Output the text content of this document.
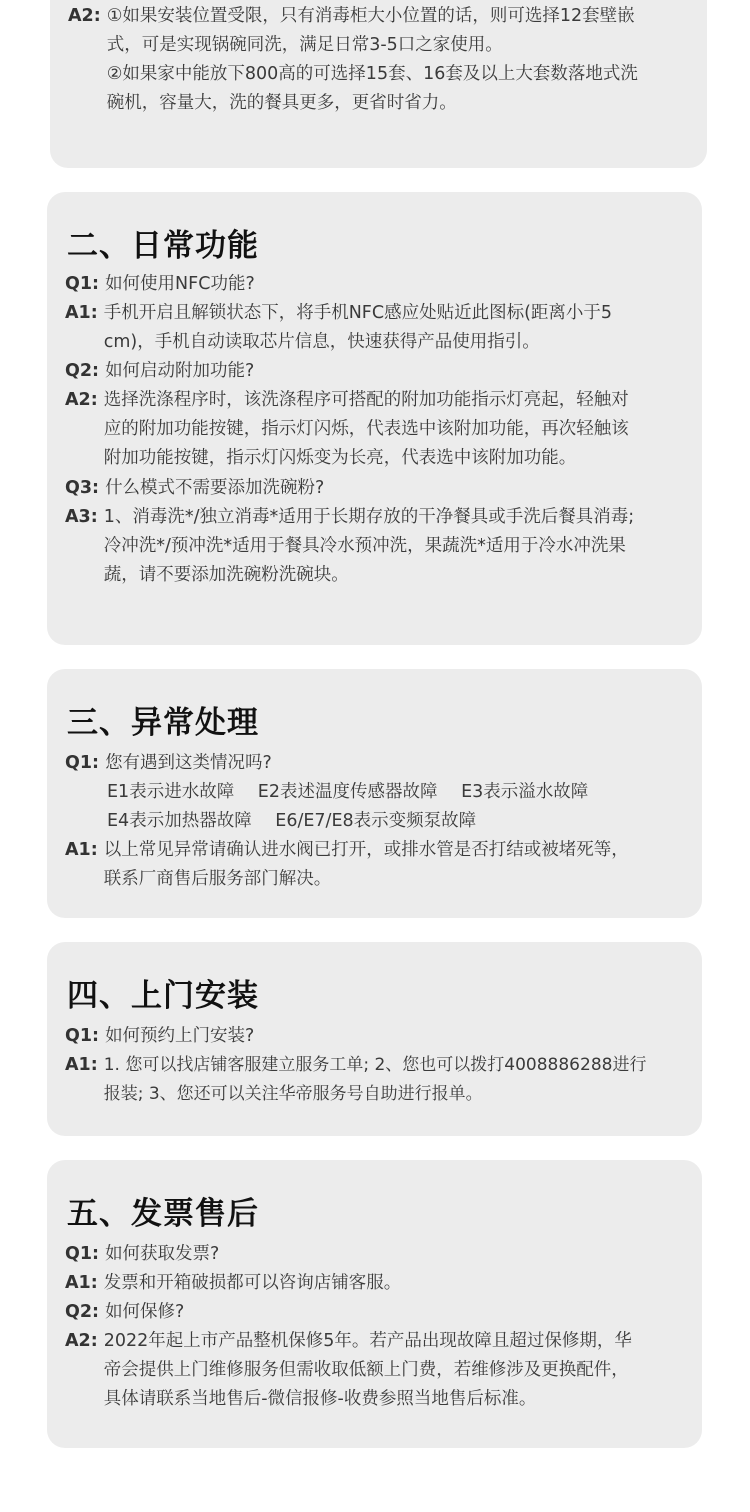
A2: ①如果安装位置受限，只有消毒柜大小位置的话，则可选择12套壁嵌

式，可是实现锅碗同洗，满足日常3-5口之家使用。

②如果家中能放下800高的可选择15套、16套及以上大套数落地式洗

碗机，容量大，洗的餐具更多，更省时省力。

二、日常功能
Q1: 如何使用NFC功能?

A1: 手机开启且解锁状态下，将手机NFC感应处贴近此图标(距离小于5

cm)，手机自动读取芯片信息，快速获得产品使用指引。

Q2: 如何启动附加功能?

A2: 选择洗涤程序时，该洗涤程序可搭配的附加功能指示灯亮起，轻触对

应的附加功能按键，指示灯闪烁，代表选中该附加功能，再次轻触该

附加功能按键，指示灯闪烁变为长亮，代表选中该附加功能。

Q3: 什么模式不需要添加洗碗粉?

A3: 1、消毒洗*/独立消毒*适用于长期存放的干净餐具或手洗后餐具消毒;

冷冲洗*/预冲洗*适用于餐具冷水预冲洗，果蔬洗*适用于冷水冲洗果

蔬，请不要添加洗碗粉洗碗块。

三、异常处理
Q1: 您有遇到这类情况吗?

E1表示进水故障 E2表述温度传感器故障 E3表示溢水故障
E4表示加热器故障 E6/E7/E8表示变频泵故障
A1: 以上常见异常请确认进水阀已打开，或排水管是否打结或被堵死等，

联系厂商售后服务部门解决。

四、上门安装
Q1: 如何预约上门安装?

A1: 1. 您可以找店铺客服建立服务工单; 2、您也可以拨打4008886288进行

报装; 3、您还可以关注华帝服务号自助进行报单。

五、发票售后
Q1: 如何获取发票?

A1: 发票和开箱破损都可以咨询店铺客服。

Q2: 如何保修?

A2: 2022年起上市产品整机保修5年。若产品出现故障且超过保修期，华

帝会提供上门维修服务但需收取低额上门费，若维修涉及更换配件，

具体请联系当地售后-微信报修-收费参照当地售后标准。
